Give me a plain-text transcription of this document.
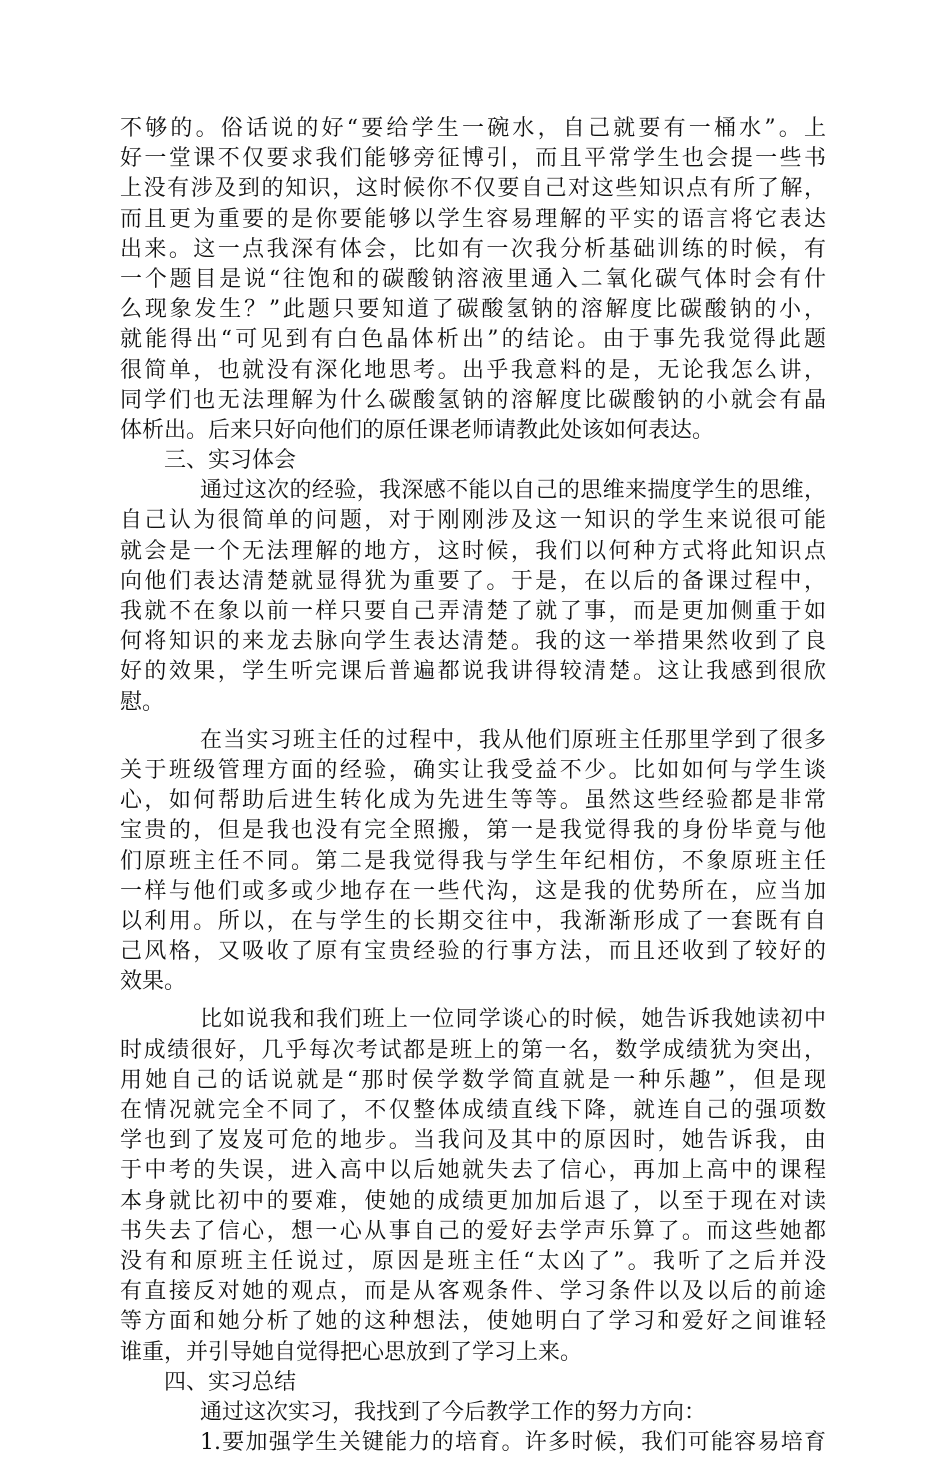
不够的。俗话说的好“要给学生一碗水，自己就要有一桶水”。上
好一堂课不仅要求我们能够旁征博引，而且平常学生也会提一些书
上没有涉及到的知识，这时候你不仅要自己对这些知识点有所了解，
而且更为重要的是你要能够以学生容易理解的平实的语言将它表达
出来。这一点我深有体会，比如有一次我分析基础训练的时候，有
一个题目是说“往饱和的碳酸钠溶液里通入二氧化碳气体时会有什
么现象发生？”此题只要知道了碳酸氢钠的溶解度比碳酸钠的小，
就能得出“可见到有白色晶体析出”的结论。由于事先我觉得此题
很简单，也就没有深化地思考。出乎我意料的是，无论我怎么讲，
同学们也无法理解为什么碳酸氢钠的溶解度比碳酸钠的小就会有晶
体析出。后来只好向他们的原任课老师请教此处该如何表达。
三、实习体会
通过这次的经验，我深感不能以自己的思维来揣度学生的思维，
自己认为很简单的问题，对于刚刚涉及这一知识的学生来说很可能
就会是一个无法理解的地方，这时候，我们以何种方式将此知识点
向他们表达清楚就显得犹为重要了。于是，在以后的备课过程中，
我就不在象以前一样只要自己弄清楚了就了事，而是更加侧重于如
何将知识的来龙去脉向学生表达清楚。我的这一举措果然收到了良
好的效果，学生听完课后普遍都说我讲得较清楚。这让我感到很欣
慰。
在当实习班主任的过程中，我从他们原班主任那里学到了很多
关于班级管理方面的经验，确实让我受益不少。比如如何与学生谈
心，如何帮助后进生转化成为先进生等等。虽然这些经验都是非常
宝贵的，但是我也没有完全照搬，第一是我觉得我的身份毕竟与他
们原班主任不同。第二是我觉得我与学生年纪相仿，不象原班主任
一样与他们或多或少地存在一些代沟，这是我的优势所在，应当加
以利用。所以，在与学生的长期交往中，我渐渐形成了一套既有自
己风格，又吸收了原有宝贵经验的行事方法，而且还收到了较好的
效果。
比如说我和我们班上一位同学谈心的时候，她告诉我她读初中
时成绩很好，几乎每次考试都是班上的第一名，数学成绩犹为突出，
用她自己的话说就是“那时侯学数学简直就是一种乐趣”，但是现
在情况就完全不同了，不仅整体成绩直线下降，就连自己的强项数
学也到了岌岌可危的地步。当我问及其中的原因时，她告诉我，由
于中考的失误，进入高中以后她就失去了信心，再加上高中的课程
本身就比初中的要难，使她的成绩更加加后退了，以至于现在对读
书失去了信心，想一心从事自己的爱好去学声乐算了。而这些她都
没有和原班主任说过，原因是班主任“太凶了”。我听了之后并没
有直接反对她的观点，而是从客观条件、学习条件以及以后的前途
等方面和她分析了她的这种想法，使她明白了学习和爱好之间谁轻
谁重，并引导她自觉得把心思放到了学习上来。
四、实习总结
通过这次实习，我找到了今后教学工作的努力方向：
1.要加强学生关键能力的培育。许多时候，我们可能容易培育
